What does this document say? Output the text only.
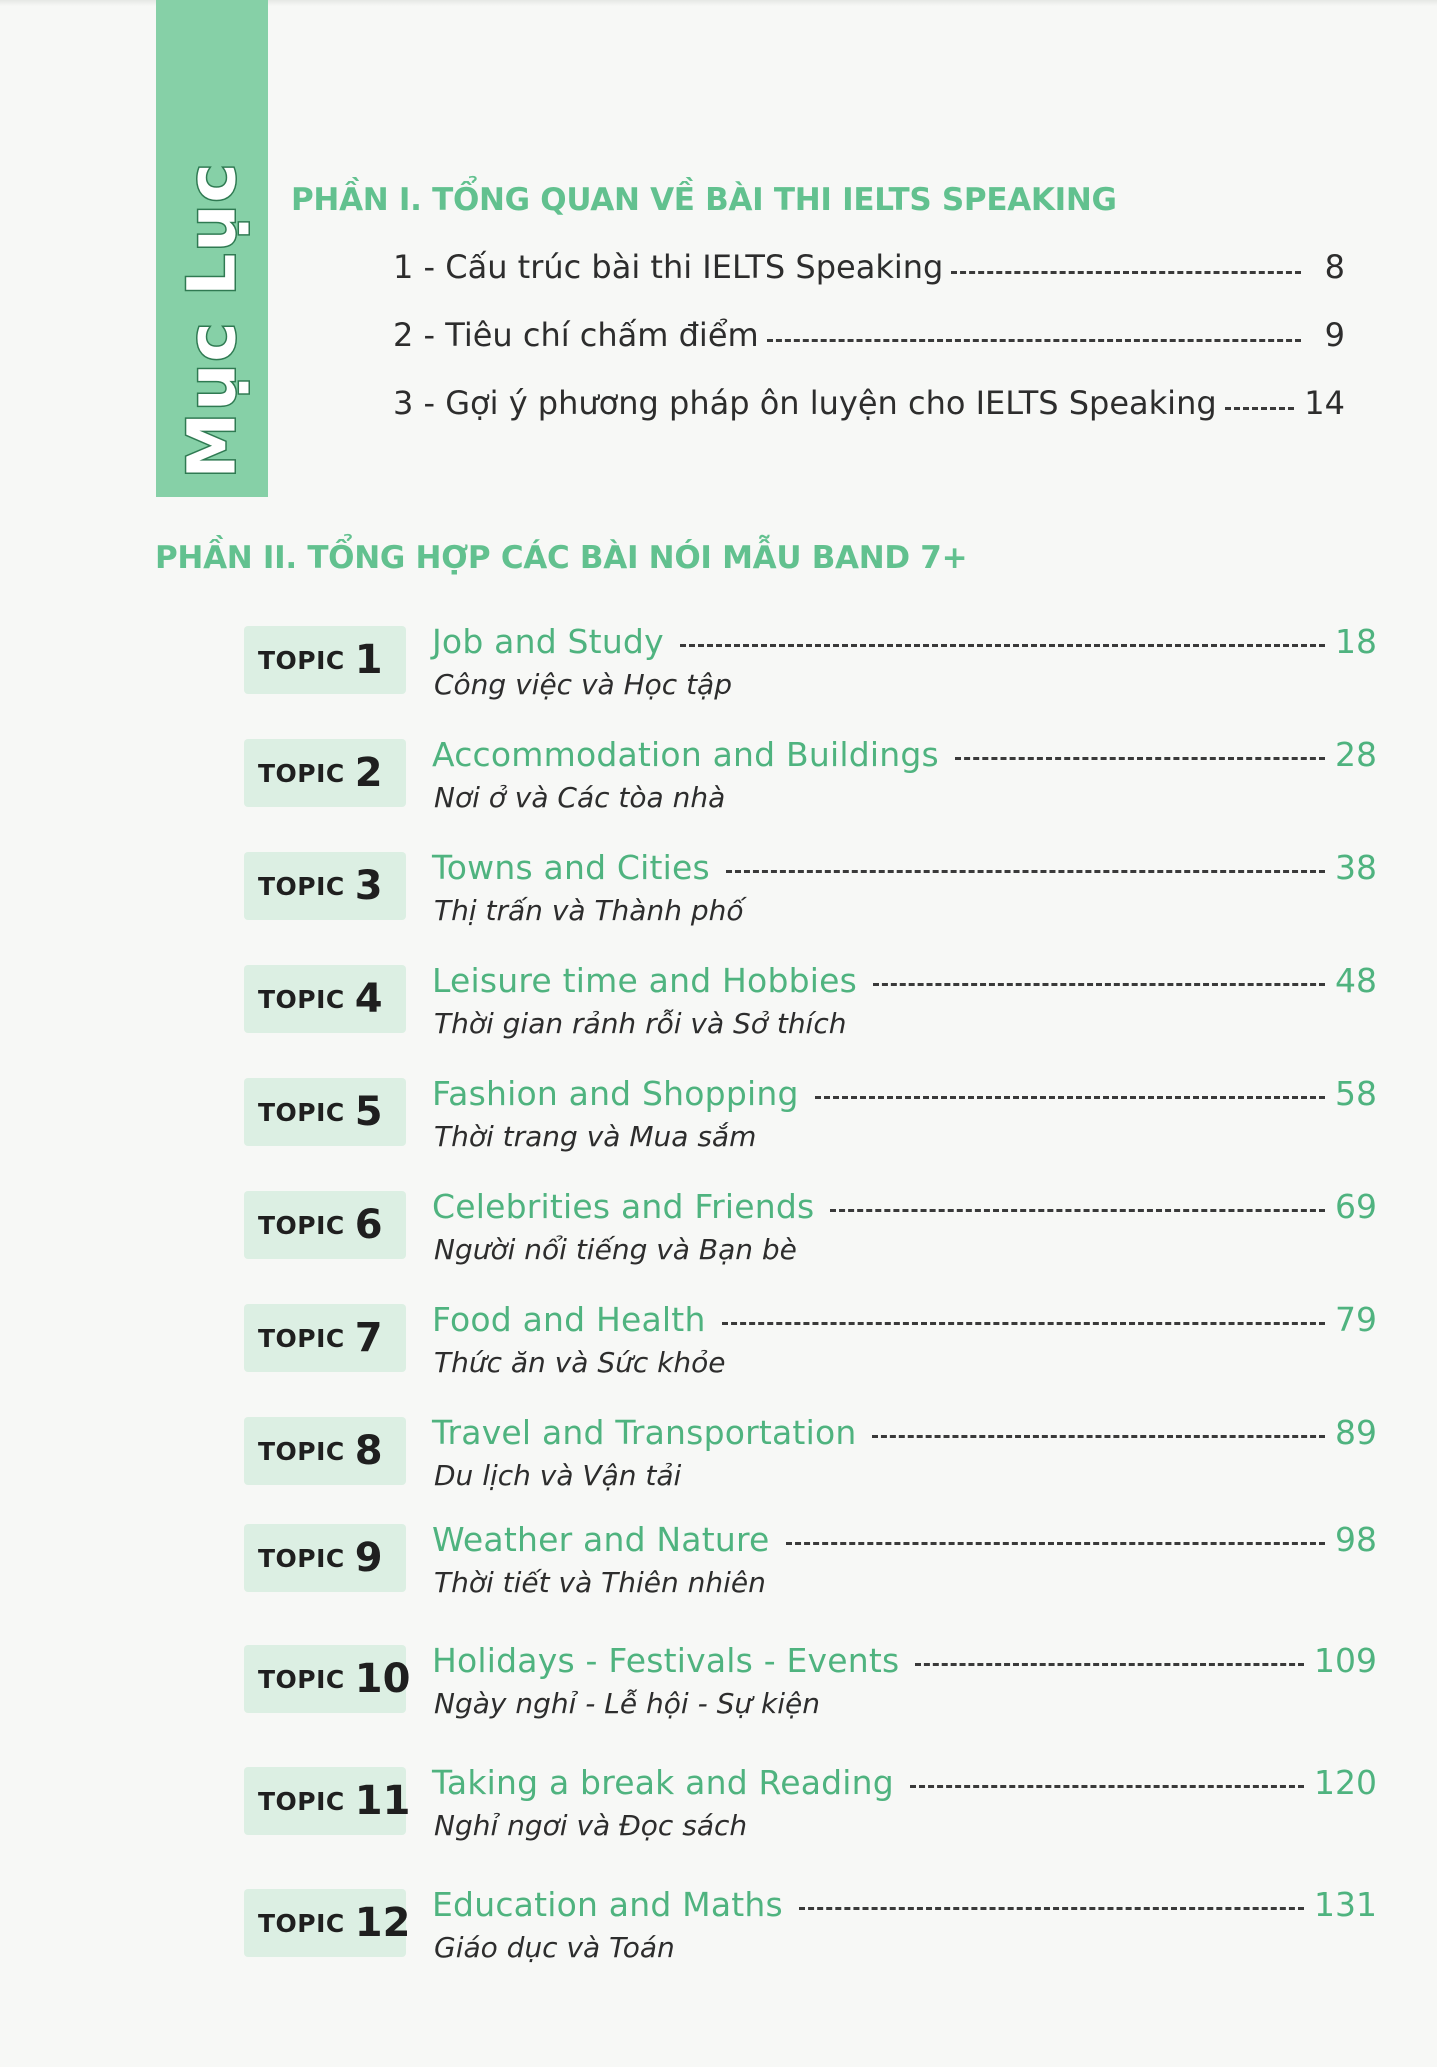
Mục Lục PHẦN I. TỔNG QUAN VỀ BÀI THI IELTS SPEAKING
1 - Cấu trúc bài thi IELTS Speaking	8
2 - Tiêu chí chấm điểm	9
3 - Gợi ý phương pháp ôn luyện cho IELTS Speaking	14
PHẦN II. TỔNG HỢP CÁC BÀI NÓI MẪU BAND 7+
TOPIC 1 Job and Study	18
Công việc và Học tập
TOPIC 2 Accommodation and Buildings	28
Nơi ở và Các tòa nhà
TOPIC 3 Towns and Cities	38
Thị trấn và Thành phố
TOPIC 4 Leisure time and Hobbies	48
Thời gian rảnh rỗi và Sở thích
TOPIC 5 Fashion and Shopping	58
Thời trang và Mua sắm
TOPIC 6 Celebrities and Friends	69
Người nổi tiếng và Bạn bè
TOPIC 7 Food and Health	79
Thức ăn và Sức khỏe
TOPIC 8 Travel and Transportation	89
Du lịch và Vận tải
TOPIC 9 Weather and Nature	98
Thời tiết và Thiên nhiên
TOPIC 10 Holidays - Festivals - Events	109
Ngày nghỉ - Lễ hội - Sự kiện
TOPIC 11 Taking a break and Reading	120
Nghỉ ngơi và Đọc sách
TOPIC 12 Education and Maths	131
Giáo dục và Toán
